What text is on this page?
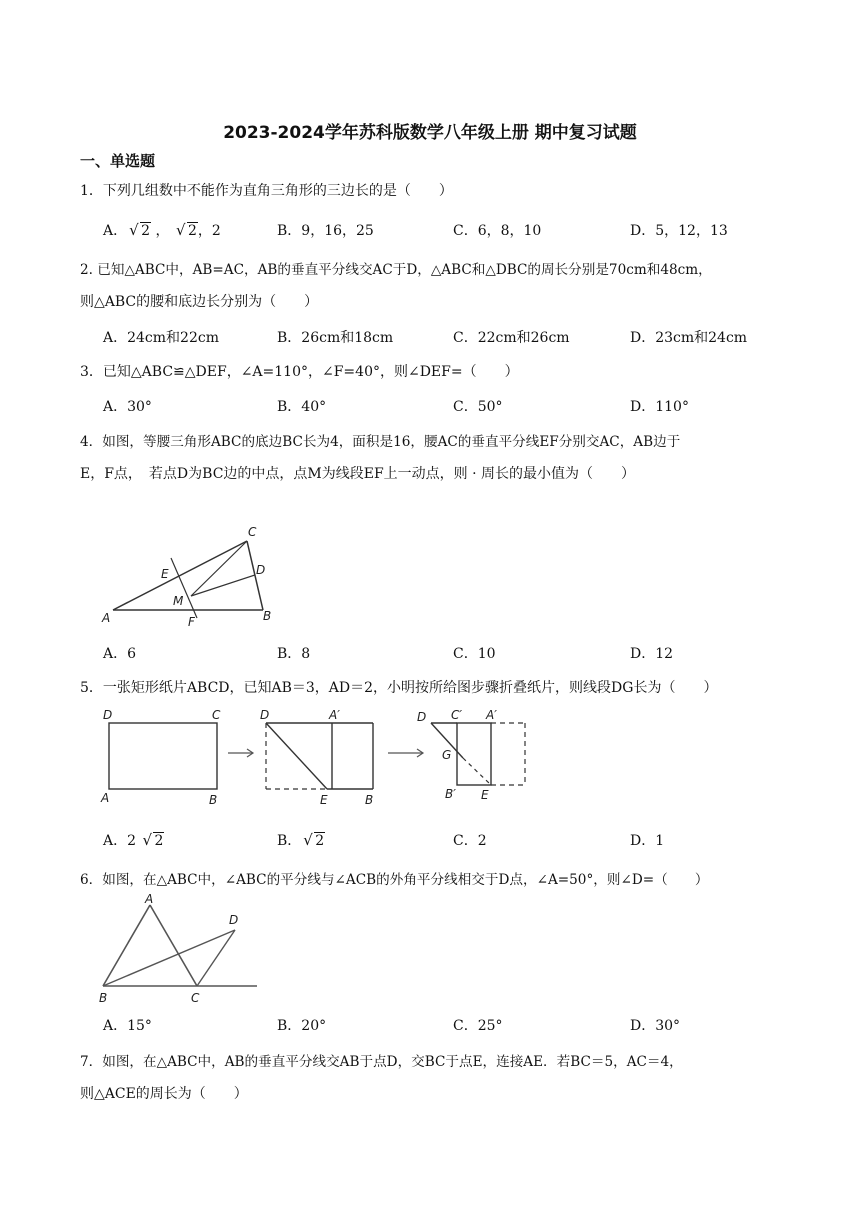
2023-2024学年苏科版数学八年级上册 期中复习试题
一、单选题
1．下列几组数中不能作为直角三角形的三边长的是（　　）
A． √ 2 ， √ 2，2	B．9，16，25	C．6，8，10	D．5，12，13
2. 已知△ABC中，AB=AC，AB的垂直平分线交AC于D，△ABC和△DBC的周长分别是70cm和48cm，
则△ABC的腰和底边长分别为（　　）
A．24cm和22cm	B．26cm和18cm	C．22cm和26cm	D．23cm和24cm
3．已知△ABC≌△DEF，∠A=110°，∠F=40°，则∠DEF=（　　）
A．30°	B．40°	C．50°	D．110°
4．如图，等腰三角形ABC的底边BC长为4，面积是16，腰AC的垂直平分线EF分别交AC，AB边于
E，F点，　若点D为BC边的中点，点M为线段EF上一动点，则 · 周长的最小值为（　　）
C
E	D
M
A	F	B
A．6	B．8	C．10	D．12
5．一张矩形纸片ABCD，已知AB＝3，AD＝2，小明按所给图步骤折叠纸片，则线段DG长为（　　）
D	C
A	B
D	A′
E	B
D C′ A′
G
B′ E
A．2 √ 2	B． √ 2	C．2	D．1
6．如图，在△ABC中，∠ABC的平分线与∠ACB的外角平分线相交于D点，∠A=50°，则∠D=（　　）
A
D
B	C
A．15°	B．20°	C．25°	D．30°
7．如图，在△ABC中，AB的垂直平分线交AB于点D，交BC于点E，连接AE．若BC＝5，AC＝4，
则△ACE的周长为（　　）
